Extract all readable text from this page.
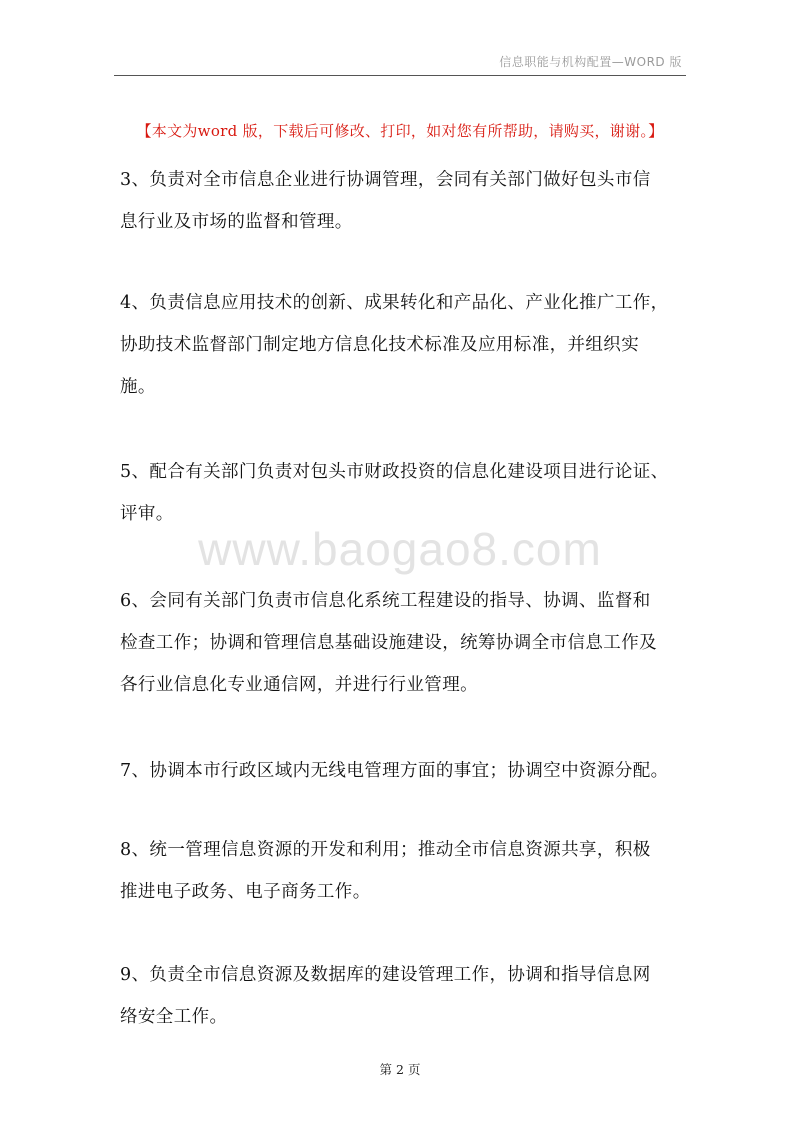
信息职能与机构配置—WORD 版
【本文为word 版，下载后可修改、打印，如对您有所帮助，请购买，谢谢。】

3、负责对全市信息企业进行协调管理，会同有关部门做好包头市信
息行业及市场的监督和管理。

4、负责信息应用技术的创新、成果转化和产品化、产业化推广工作，
协助技术监督部门制定地方信息化技术标准及应用标准，并组织实
施。

5、配合有关部门负责对包头市财政投资的信息化建设项目进行论证、
评审。

6、会同有关部门负责市信息化系统工程建设的指导、协调、监督和
检查工作；协调和管理信息基础设施建设，统筹协调全市信息工作及
各行业信息化专业通信网，并进行行业管理。

7、协调本市行政区域内无线电管理方面的事宜；协调空中资源分配。

8、统一管理信息资源的开发和利用；推动全市信息资源共享，积极
推进电子政务、电子商务工作。

9、负责全市信息资源及数据库的建设管理工作，协调和指导信息网
络安全工作。

www.baogao8.com
第 2 页
